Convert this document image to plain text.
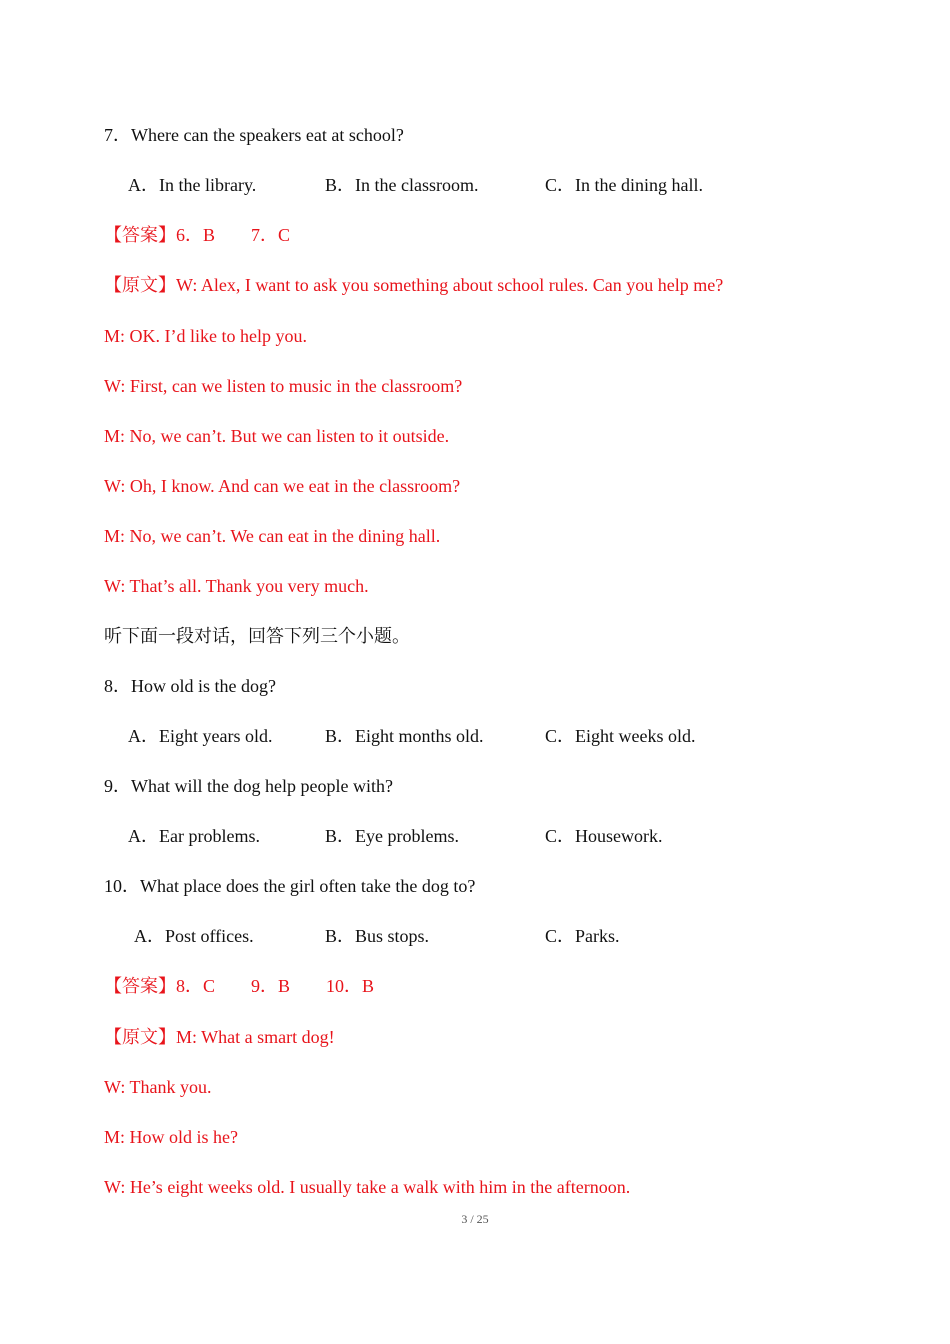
7．Where can the speakers eat at school?
A．In the library.	B．In the classroom.	C．In the dining hall.
【答案】6．B　　7．C
【原文】W: Alex, I want to ask you something about school rules. Can you help me?
M: OK. I’d like to help you.
W: First, can we listen to music in the classroom?
M: No, we can’t. But we can listen to it outside.
W: Oh, I know. And can we eat in the classroom?
M: No, we can’t. We can eat in the dining hall.
W: That’s all. Thank you very much.
听下面一段对话，回答下列三个小题。
8．How old is the dog?
A．Eight years old.	B．Eight months old.	C．Eight weeks old.
9．What will the dog help people with?
A．Ear problems.	B．Eye problems.	C．Housework.
10．What place does the girl often take the dog to?
A．Post offices.	B．Bus stops.	C．Parks.
【答案】8．C　　9．B　　10．B
【原文】M: What a smart dog!
W: Thank you.
M: How old is he?
W: He’s eight weeks old. I usually take a walk with him in the afternoon.
3 / 25
